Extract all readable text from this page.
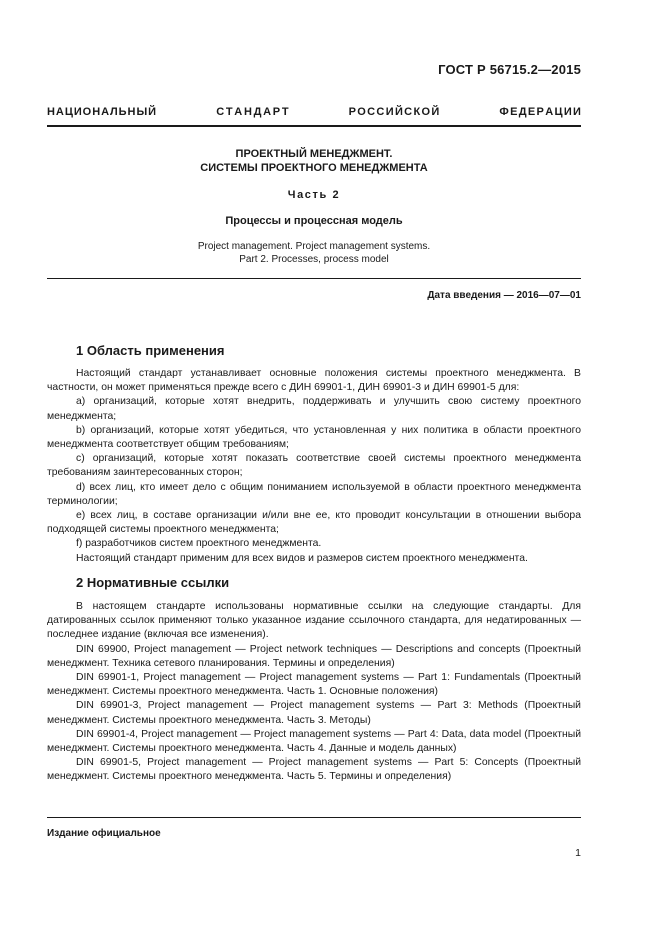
ГОСТ Р 56715.2—2015
Н А Ц И О Н А Л Ь Н Ы Й	С Т А Н Д А Р Т	Р О С С И Й С К О Й	Ф Е Д Е Р А Ц И И
ПРОЕКТНЫЙ МЕНЕДЖМЕНТ.
СИСТЕМЫ ПРОЕКТНОГО МЕНЕДЖМЕНТА
Часть 2
Процессы и процессная модель
Project management. Project management systems.
Part 2. Processes, process model
Дата введения — 2016—07—01
1 Область применения

Настоящий стандарт устанавливает основные положения системы проектного менеджмента. В частности, он может применяться прежде всего с ДИН 69901-1, ДИН 69901-3 и ДИН 69901-5 для:

a) организаций, которые хотят внедрить, поддерживать и улучшить свою систему проектного менеджмента;

b) организаций, которые хотят убедиться, что установленная у них политика в области проектного менеджмента соответствует общим требованиям;

c) организаций, которые хотят показать соответствие своей системы проектного менеджмента требованиям заинтересованных сторон;

d) всех лиц, кто имеет дело с общим пониманием используемой в области проектного менеджмента терминологии;

e) всех лиц, в составе организации и/или вне ее, кто проводит консультации в отношении выбора подходящей системы проектного менеджмента;

f) разработчиков систем проектного менеджмента.

Настоящий стандарт применим для всех видов и размеров систем проектного менеджмента.

2 Нормативные ссылки

В настоящем стандарте использованы нормативные ссылки на следующие стандарты. Для датированных ссылок применяют только указанное издание ссылочного стандарта, для недатированных — последнее издание (включая все изменения).

DIN 69900, Project management — Project network techniques — Descriptions and concepts (Проектный менеджмент. Техника сетевого планирования. Термины и определения)

DIN 69901-1, Project management — Project management systems — Part 1: Fundamentals (Проектный менеджмент. Системы проектного менеджмента. Часть 1. Основные положения)

DIN 69901-3, Project management — Project management systems — Part 3: Methods (Проектный менеджмент. Системы проектного менеджмента. Часть 3. Методы)

DIN 69901-4, Project management — Project management systems — Part 4: Data, data model (Проектный менеджмент. Системы проектного менеджмента. Часть 4. Данные и модель данных)

DIN 69901-5, Project management — Project management systems — Part 5: Concepts (Проектный менеджмент. Системы проектного менеджмента. Часть 5. Термины и определения)

Издание официальное
1
